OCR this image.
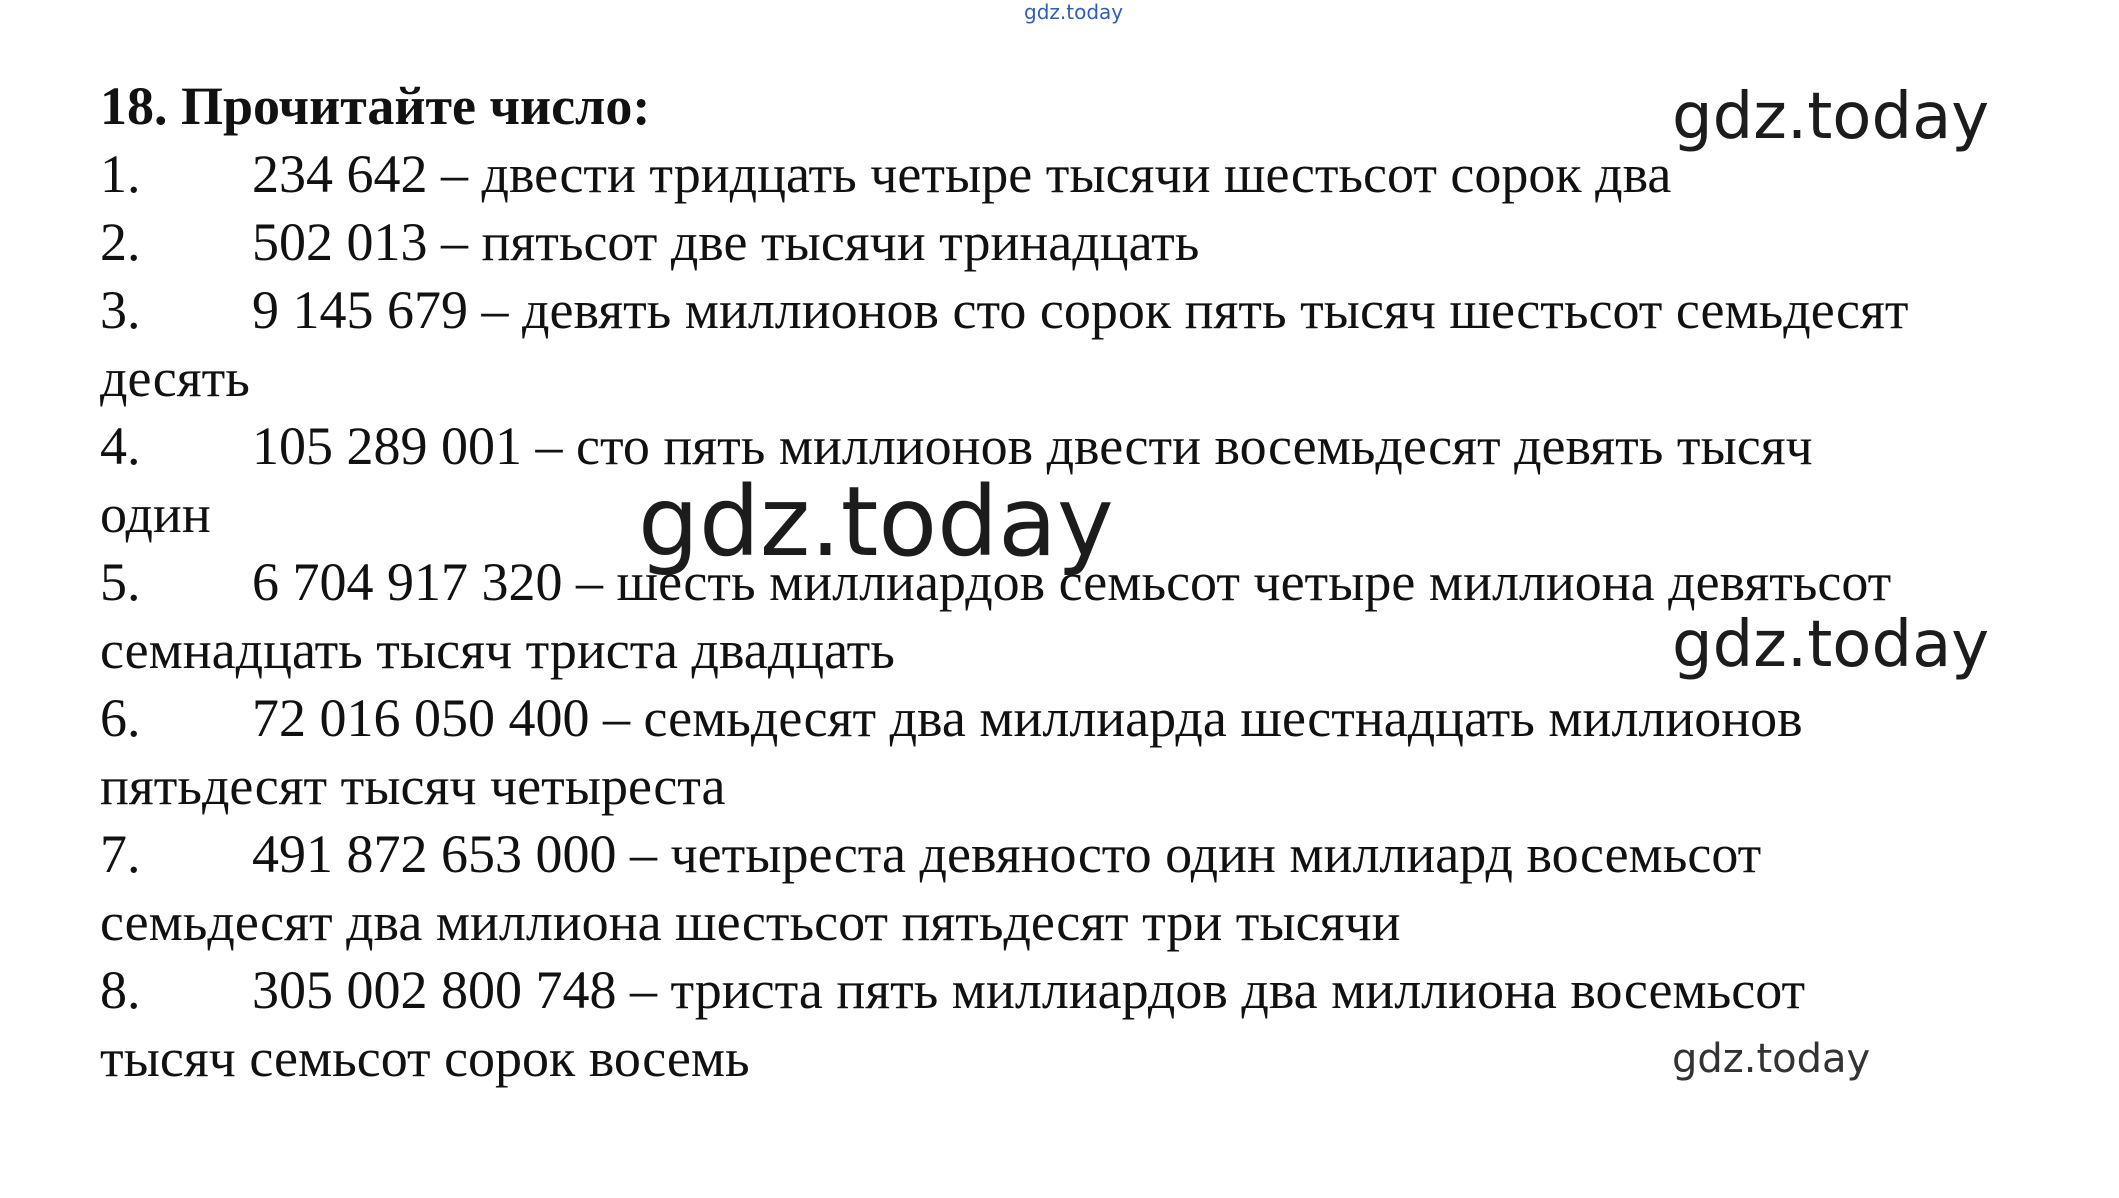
gdz.today
18. Прочитайте число:
1. 234 642 – двести тридцать четыре тысячи шестьсот сорок два
2. 502 013 – пятьсот две тысячи тринадцать
3. 9 145 679 – девять миллионов сто сорок пять тысяч шестьсот семьдесят
десять
4. 105 289 001 – сто пять миллионов двести восемьдесят девять тысяч
один
5. 6 704 917 320 – шесть миллиардов семьсот четыре миллиона девятьсот
семнадцать тысяч триста двадцать
6. 72 016 050 400 – семьдесят два миллиарда шестнадцать миллионов
пятьдесят тысяч четыреста
7. 491 872 653 000 – четыреста девяносто один миллиард восемьсот
семьдесят два миллиона шестьсот пятьдесят три тысячи
8. 305 002 800 748 – триста пять миллиардов два миллиона восемьсот
тысяч семьсот сорок восемь
gdz.today
gdz.today
gdz.today
gdz.today
